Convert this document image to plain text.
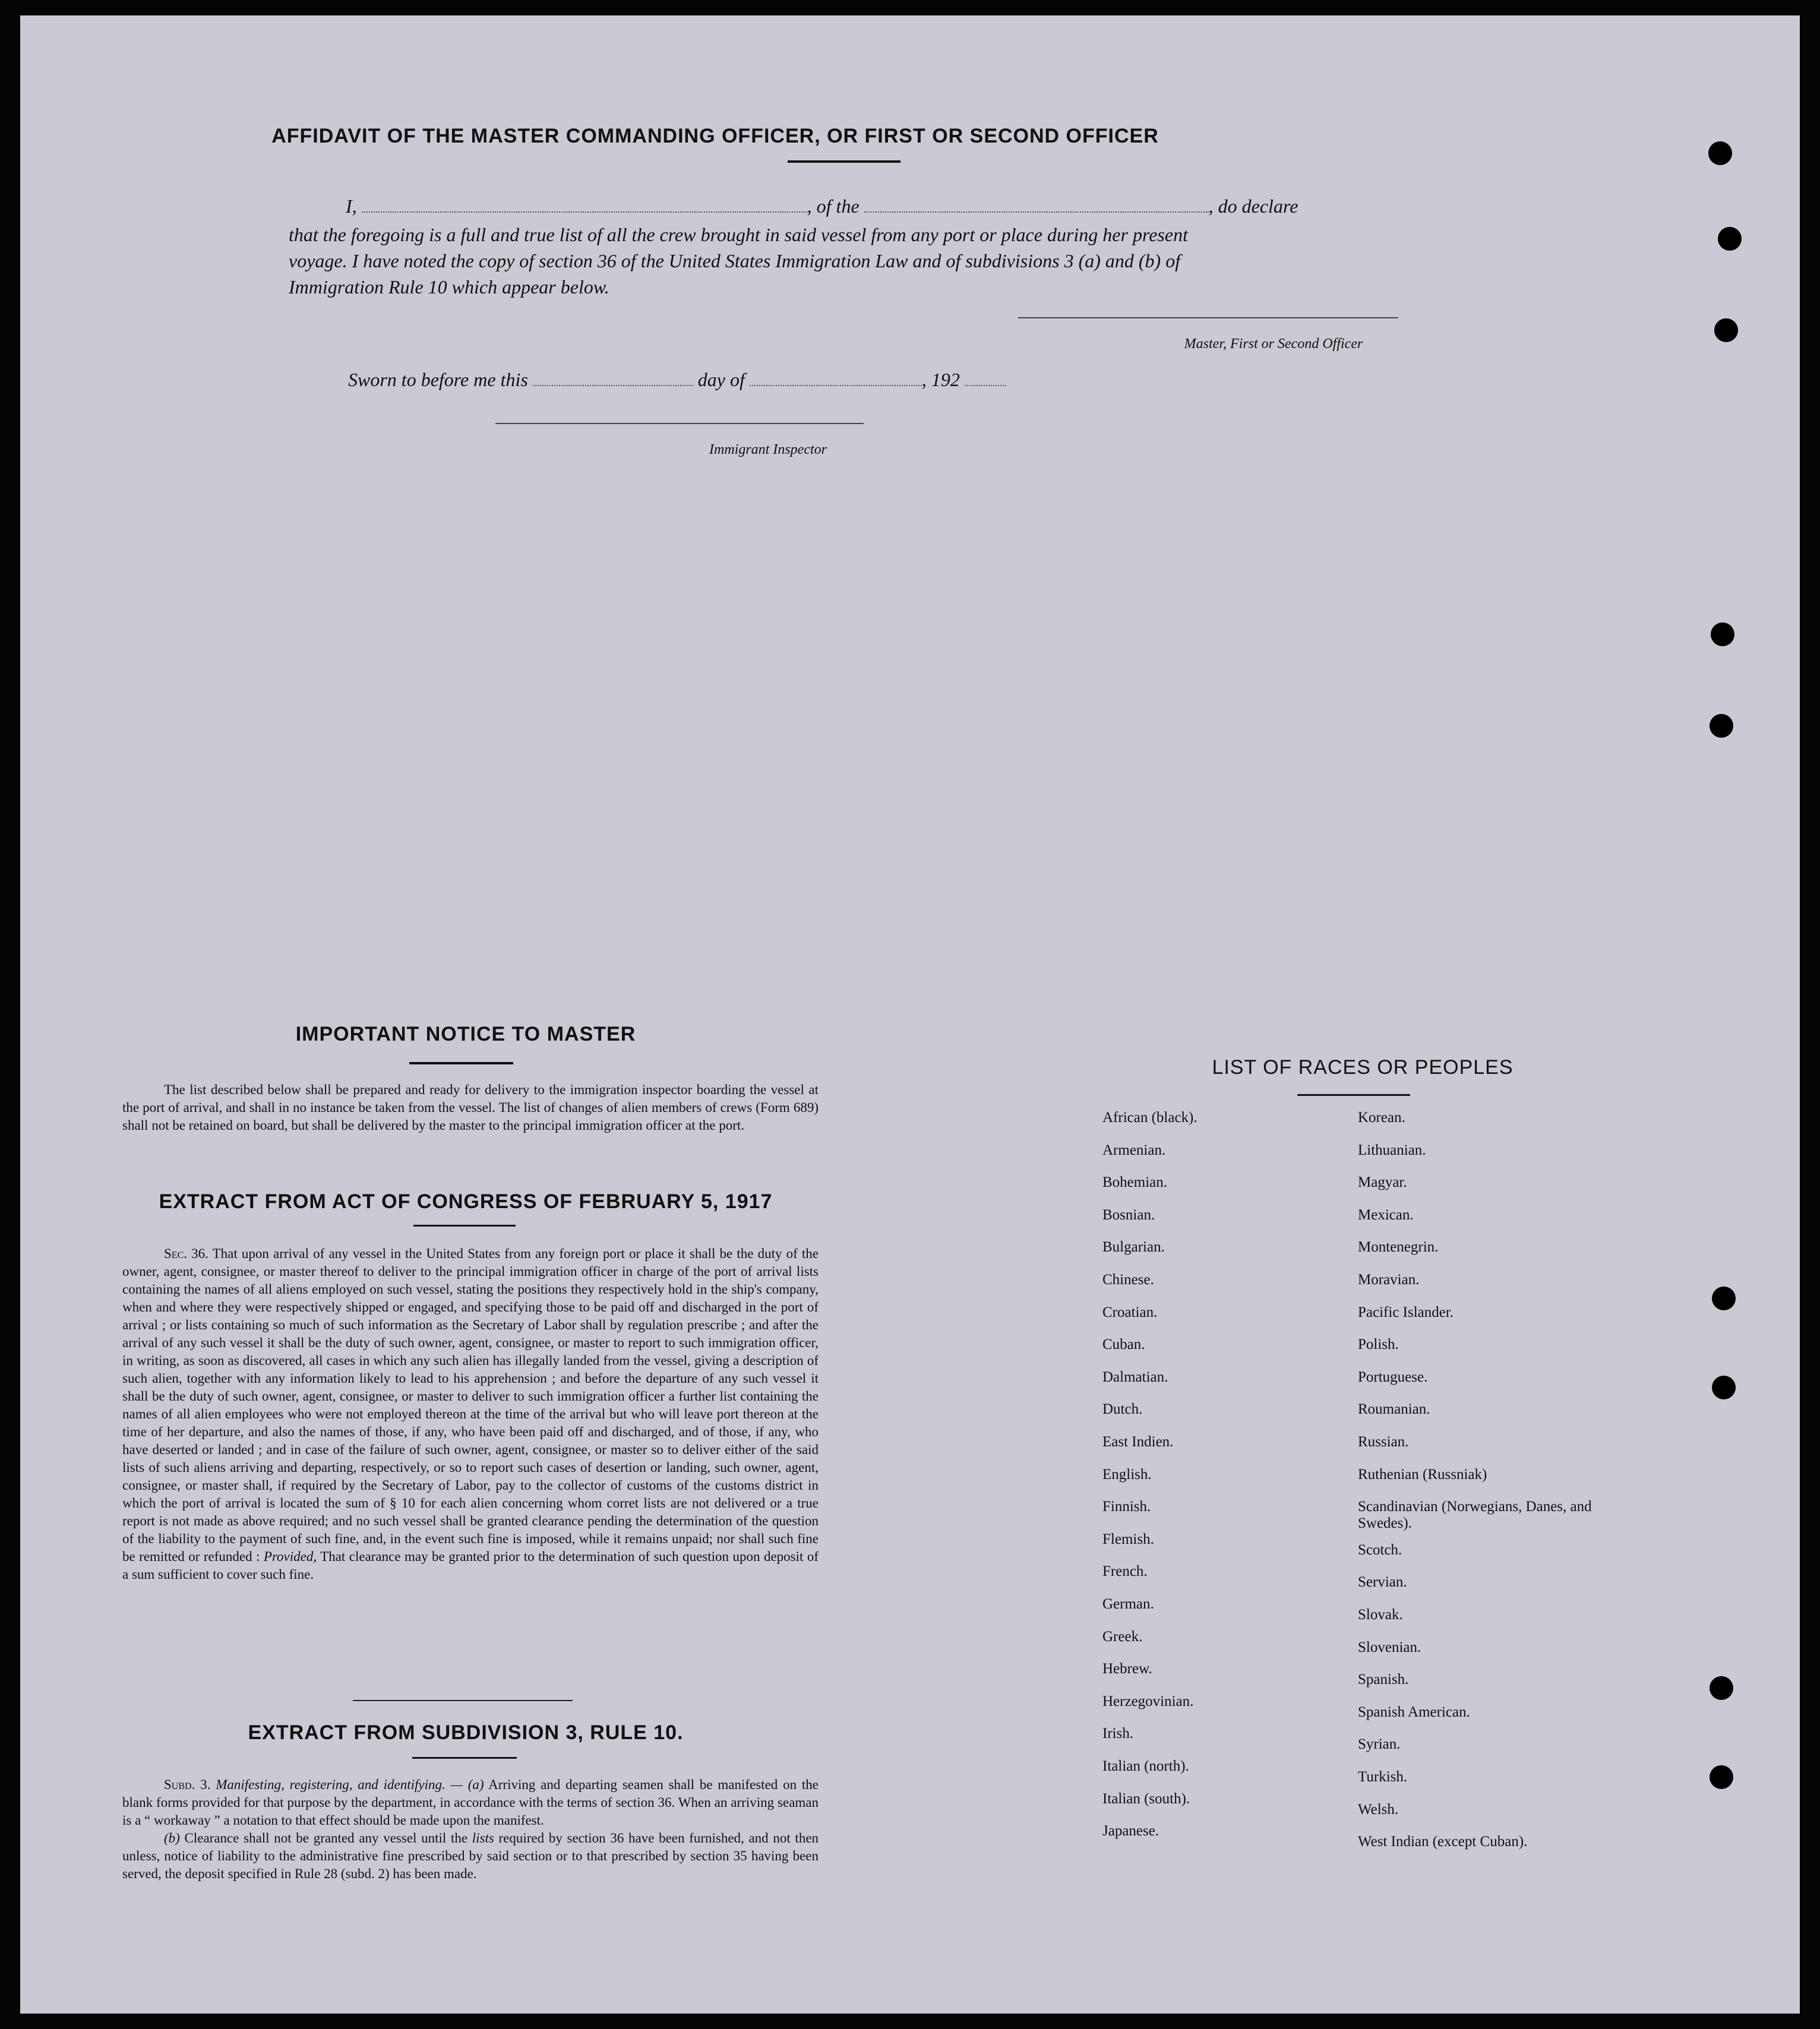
AFFIDAVIT OF THE MASTER COMMANDING OFFICER, OR FIRST OR SECOND OFFICER
I,	, of the	, do declare
that the foregoing is a full and true list of all the crew brought in said vessel from any port or place during her present
voyage. I have noted the copy of section 36 of the United States Immigration Law and of subdivisions 3 (a) and (b) of
Immigration Rule 10 which appear below.
Master, First or Second Officer
Sworn to before me this	day of	, 192
Immigrant Inspector
IMPORTANT NOTICE TO MASTER
The list described below shall be prepared and ready for delivery to the immigration inspector boarding the vessel at the port of arrival, and shall in no instance be taken from the vessel. The list of changes of alien members of crews (Form 689) shall not be retained on board, but shall be delivered by the master to the principal immigration officer at the port.
EXTRACT FROM ACT OF CONGRESS OF FEBRUARY 5, 1917
Sec. 36. That upon arrival of any vessel in the United States from any foreign port or place it shall be the duty of the owner, agent, consignee, or master thereof to deliver to the principal immigration officer in charge of the port of arrival lists containing the names of all aliens employed on such vessel, stating the positions they respectively hold in the ship's company, when and where they were respectively shipped or engaged, and specifying those to be paid off and discharged in the port of arrival ; or lists containing so much of such information as the Secretary of Labor shall by regulation prescribe ; and after the arrival of any such vessel it shall be the duty of such owner, agent, consignee, or master to report to such immigration officer, in writing, as soon as discovered, all cases in which any such alien has illegally landed from the vessel, giving a description of such alien, together with any information likely to lead to his apprehension ; and before the departure of any such vessel it shall be the duty of such owner, agent, consignee, or master to deliver to such immigration officer a further list containing the names of all alien employees who were not employed thereon at the time of the arrival but who will leave port thereon at the time of her departure, and also the names of those, if any, who have been paid off and discharged, and of those, if any, who have deserted or landed ; and in case of the failure of such owner, agent, consignee, or master so to deliver either of the said lists of such aliens arriving and departing, respectively, or so to report such cases of desertion or landing, such owner, agent, consignee, or master shall, if required by the Secretary of Labor, pay to the collector of customs of the customs district in which the port of arrival is located the sum of § 10 for each alien concerning whom corret lists are not delivered or a true report is not made as above required; and no such vessel shall be granted clearance pending the determination of the question of the liability to the payment of such fine, and, in the event such fine is imposed, while it remains unpaid; nor shall such fine be remitted or refunded : Provided, That clearance may be granted prior to the determination of such question upon deposit of a sum sufficient to cover such fine.
EXTRACT FROM SUBDIVISION 3, RULE 10.
Subd. 3. Manifesting, registering, and identifying. — (a) Arriving and departing seamen shall be manifested on the blank forms provided for that purpose by the department, in accordance with the terms of section 36. When an arriving seaman is a “ workaway ” a notation to that effect should be made upon the manifest.
(b) Clearance shall not be granted any vessel until the lists required by section 36 have been furnished, and not then unless, notice of liability to the administrative fine prescribed by said section or to that prescribed by section 35 having been served, the deposit specified in Rule 28 (subd. 2) has been made.
LIST OF RACES OR PEOPLES
African (black).
Armenian.
Bohemian.
Bosnian.
Bulgarian.
Chinese.
Croatian.
Cuban.
Dalmatian.
Dutch.
East Indien.
English.
Finnish.
Flemish.
French.
German.
Greek.
Hebrew.
Herzegovinian.
Irish.
Italian (north).
Italian (south).
Japanese.
Korean.
Lithuanian.
Magyar.
Mexican.
Montenegrin.
Moravian.
Pacific Islander.
Polish.
Portuguese.
Roumanian.
Russian.
Ruthenian (Russniak)
Scandinavian (Norwegians, Danes, and Swedes).
Scotch.
Servian.
Slovak.
Slovenian.
Spanish.
Spanish American.
Syrian.
Turkish.
Welsh.
West Indian (except Cuban).
